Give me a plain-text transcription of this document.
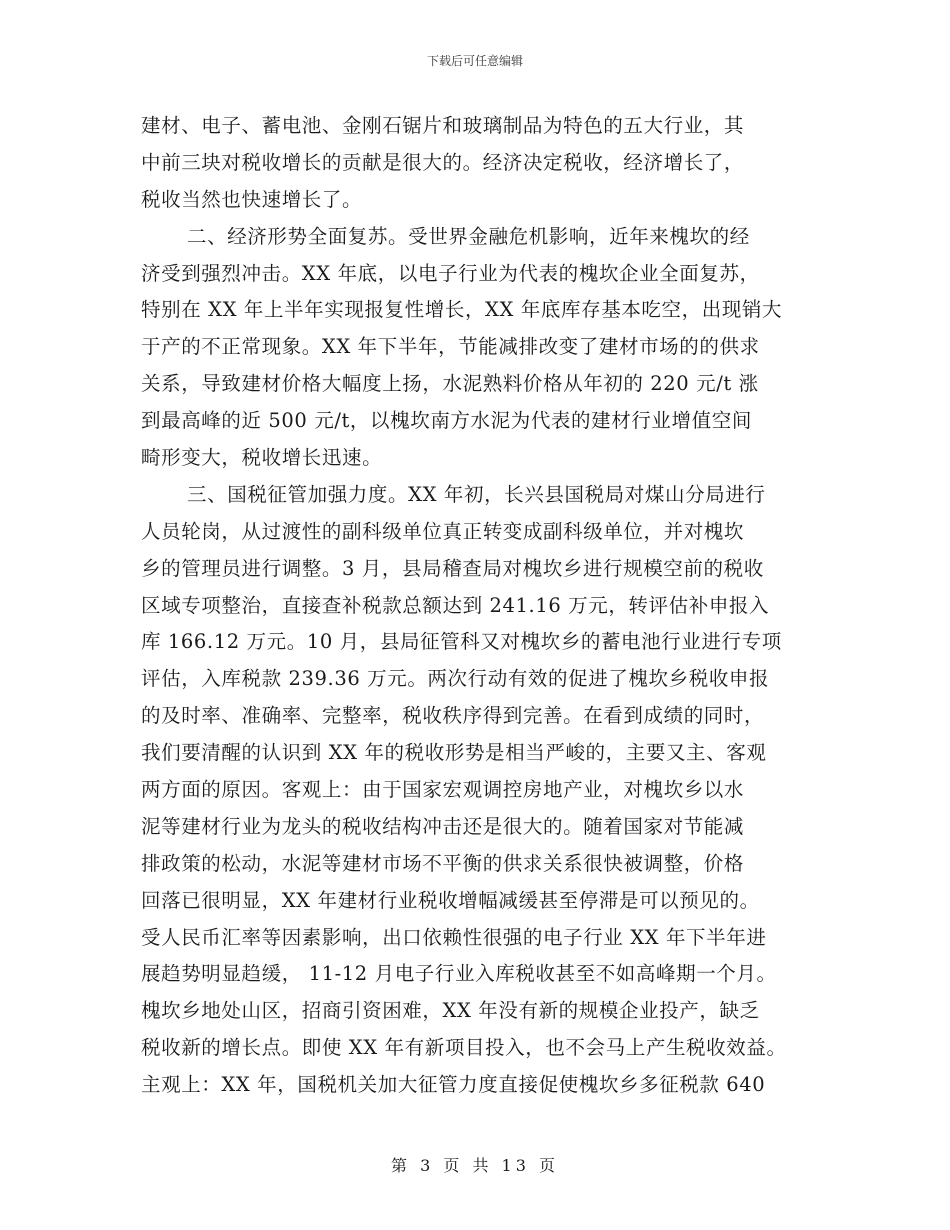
下载后可任意编辑
建材、电子、蓄电池、金刚石锯片和玻璃制品为特色的五大行业，其
中前三块对税收增长的贡献是很大的。经济决定税收，经济增长了，
税收当然也快速增长了。
二、经济形势全面复苏。受世界金融危机影响，近年来槐坎的经
济受到强烈冲击。XX 年底，以电子行业为代表的槐坎企业全面复苏，
特别在 XX 年上半年实现报复性增长，XX 年底库存基本吃空，出现销大
于产的不正常现象。XX 年下半年，节能减排改变了建材市场的的供求
关系，导致建材价格大幅度上扬，水泥熟料价格从年初的 220 元/t 涨
到最高峰的近 500 元/t，以槐坎南方水泥为代表的建材行业增值空间
畸形变大，税收增长迅速。
三、国税征管加强力度。XX 年初，长兴县国税局对煤山分局进行
人员轮岗，从过渡性的副科级单位真正转变成副科级单位，并对槐坎
乡的管理员进行调整。3 月，县局稽查局对槐坎乡进行规模空前的税收
区域专项整治，直接查补税款总额达到 241.16 万元，转评估补申报入
库 166.12 万元。10 月，县局征管科又对槐坎乡的蓄电池行业进行专项
评估，入库税款 239.36 万元。两次行动有效的促进了槐坎乡税收申报
的及时率、准确率、完整率，税收秩序得到完善。在看到成绩的同时，
我们要清醒的认识到 XX 年的税收形势是相当严峻的，主要又主、客观
两方面的原因。客观上：由于国家宏观调控房地产业，对槐坎乡以水
泥等建材行业为龙头的税收结构冲击还是很大的。随着国家对节能减
排政策的松动，水泥等建材市场不平衡的供求关系很快被调整，价格
回落已很明显，XX 年建材行业税收增幅减缓甚至停滞是可以预见的。
受人民币汇率等因素影响，出口依赖性很强的电子行业 XX 年下半年进
展趋势明显趋缓， 11-12 月电子行业入库税收甚至不如高峰期一个月。
槐坎乡地处山区，招商引资困难，XX 年没有新的规模企业投产，缺乏
税收新的增长点。即使 XX 年有新项目投入，也不会马上产生税收效益。
主观上：XX 年，国税机关加大征管力度直接促使槐坎乡多征税款 640
第 3 页 共 13 页
